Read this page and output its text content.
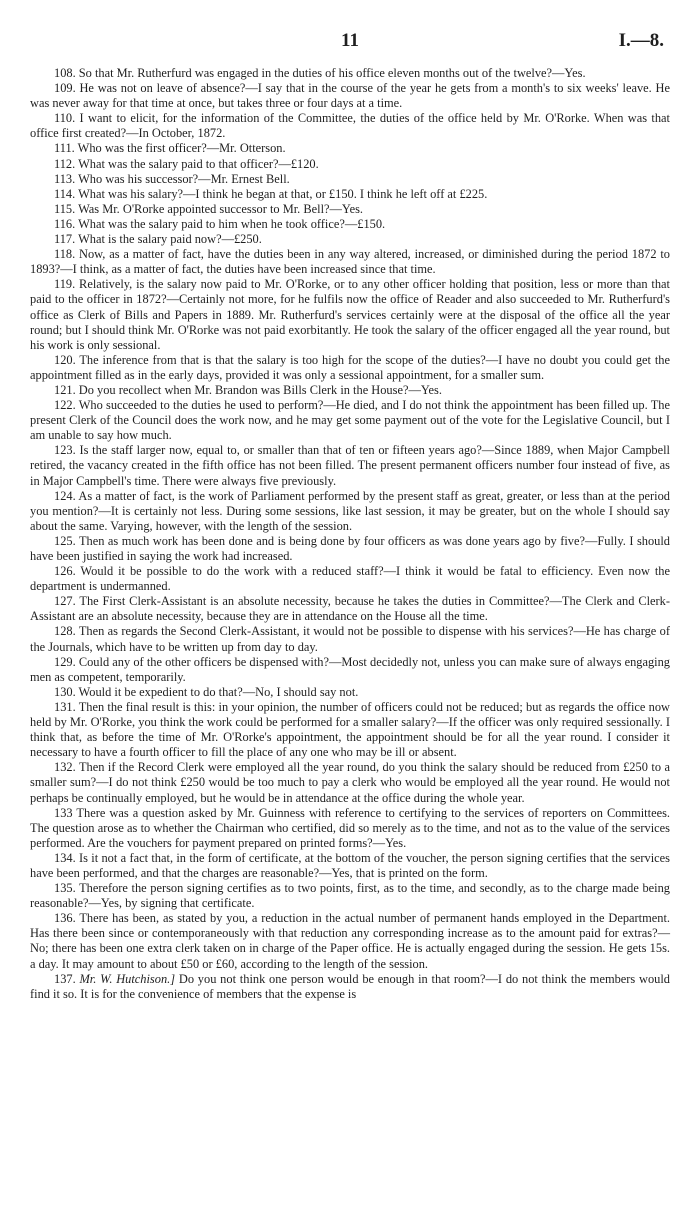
11	I.—8.

108. So that Mr. Rutherfurd was engaged in the duties of his office eleven months out of the twelve?—Yes.

109. He was not on leave of absence?—I say that in the course of the year he gets from a month's to six weeks' leave. He was never away for that time at once, but takes three or four days at a time.

110. I want to elicit, for the information of the Committee, the duties of the office held by Mr. O'Rorke. When was that office first created?—In October, 1872.

111. Who was the first officer?—Mr. Otterson.

112. What was the salary paid to that officer?—£120.

113. Who was his successor?—Mr. Ernest Bell.

114. What was his salary?—I think he began at that, or £150. I think he left off at £225.

115. Was Mr. O'Rorke appointed successor to Mr. Bell?—Yes.

116. What was the salary paid to him when he took office?—£150.

117. What is the salary paid now?—£250.

118. Now, as a matter of fact, have the duties been in any way altered, increased, or diminished during the period 1872 to 1893?—I think, as a matter of fact, the duties have been increased since that time.

119. Relatively, is the salary now paid to Mr. O'Rorke, or to any other officer holding that position, less or more than that paid to the officer in 1872?—Certainly not more, for he fulfils now the office of Reader and also succeeded to Mr. Rutherfurd's office as Clerk of Bills and Papers in 1889. Mr. Rutherfurd's services certainly were at the disposal of the office all the year round; but I should think Mr. O'Rorke was not paid exorbitantly. He took the salary of the officer engaged all the year round, but his work is only sessional.

120. The inference from that is that the salary is too high for the scope of the duties?—I have no doubt you could get the appointment filled as in the early days, provided it was only a sessional appointment, for a smaller sum.

121. Do you recollect when Mr. Brandon was Bills Clerk in the House?—Yes.

122. Who succeeded to the duties he used to perform?—He died, and I do not think the appointment has been filled up. The present Clerk of the Council does the work now, and he may get some payment out of the vote for the Legislative Council, but I am unable to say how much.

123. Is the staff larger now, equal to, or smaller than that of ten or fifteen years ago?—Since 1889, when Major Campbell retired, the vacancy created in the fifth office has not been filled. The present permanent officers number four instead of five, as in Major Campbell's time. There were always five previously.

124. As a matter of fact, is the work of Parliament performed by the present staff as great, greater, or less than at the period you mention?—It is certainly not less. During some sessions, like last session, it may be greater, but on the whole I should say about the same. Varying, however, with the length of the session.

125. Then as much work has been done and is being done by four officers as was done years ago by five?—Fully. I should have been justified in saying the work had increased.

126. Would it be possible to do the work with a reduced staff?—I think it would be fatal to efficiency. Even now the department is undermanned.

127. The First Clerk-Assistant is an absolute necessity, because he takes the duties in Committee?—The Clerk and Clerk-Assistant are an absolute necessity, because they are in attendance on the House all the time.

128. Then as regards the Second Clerk-Assistant, it would not be possible to dispense with his services?—He has charge of the Journals, which have to be written up from day to day.

129. Could any of the other officers be dispensed with?—Most decidedly not, unless you can make sure of always engaging men as competent, temporarily.

130. Would it be expedient to do that?—No, I should say not.

131. Then the final result is this: in your opinion, the number of officers could not be reduced; but as regards the office now held by Mr. O'Rorke, you think the work could be performed for a smaller salary?—If the officer was only required sessionally. I think that, as before the time of Mr. O'Rorke's appointment, the appointment should be for all the year round. I consider it necessary to have a fourth officer to fill the place of any one who may be ill or absent.

132. Then if the Record Clerk were employed all the year round, do you think the salary should be reduced from £250 to a smaller sum?—I do not think £250 would be too much to pay a clerk who would be employed all the year round. He would not perhaps be continually employed, but he would be in attendance at the office during the whole year.

133 There was a question asked by Mr. Guinness with reference to certifying to the services of reporters on Committees. The question arose as to whether the Chairman who certified, did so merely as to the time, and not as to the value of the services performed. Are the vouchers for payment prepared on printed forms?—Yes.

134. Is it not a fact that, in the form of certificate, at the bottom of the voucher, the person signing certifies that the services have been performed, and that the charges are reasonable?—Yes, that is printed on the form.

135. Therefore the person signing certifies as to two points, first, as to the time, and secondly, as to the charge made being reasonable?—Yes, by signing that certificate.

136. There has been, as stated by you, a reduction in the actual number of permanent hands employed in the Department. Has there been since or contemporaneously with that reduction any corresponding increase as to the amount paid for extras?—No; there has been one extra clerk taken on in charge of the Paper office. He is actually engaged during the session. He gets 15s. a day. It may amount to about £50 or £60, according to the length of the session.

137. Mr. W. Hutchison.] Do you not think one person would be enough in that room?—I do not think the members would find it so. It is for the convenience of members that the expense is
